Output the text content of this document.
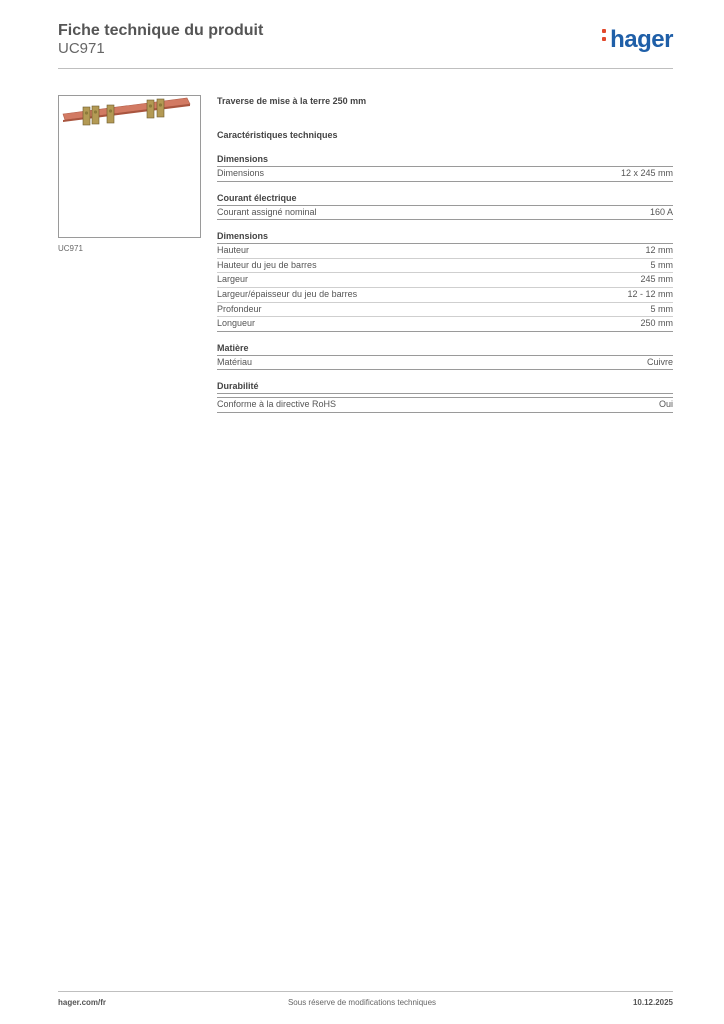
Fiche technique du produit
UC971	hager
UC971
Traverse de mise à la terre 250 mm
Caractéristiques techniques
Dimensions
Dimensions	12 x 245 mm
Courant électrique
Courant assigné nominal	160 A
Dimensions
Hauteur	12 mm
Hauteur du jeu de barres	5 mm
Largeur	245 mm
Largeur/épaisseur du jeu de barres	12 - 12 mm
Profondeur	5 mm
Longueur	250 mm
Matière
Matériau	Cuivre
Durabilité
Conforme à la directive RoHS	Oui
hager.com/fr	Sous réserve de modifications techniques	10.12.2025
